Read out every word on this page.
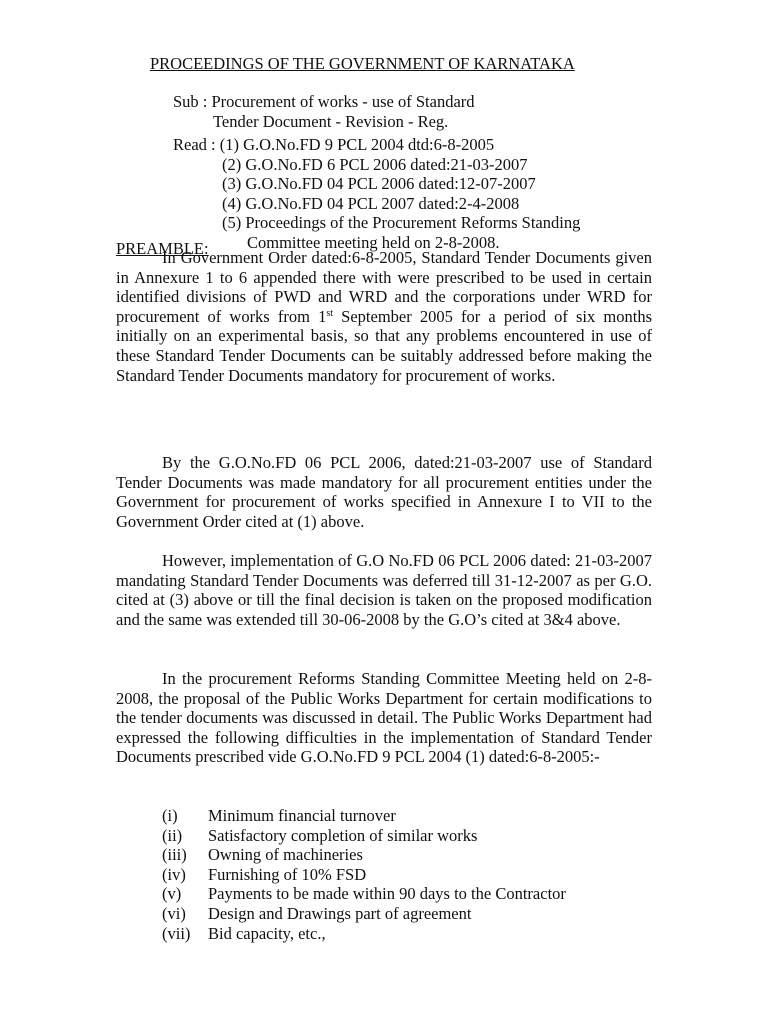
PROCEEDINGS OF THE GOVERNMENT OF KARNATAKA
Sub : Procurement of works - use of Standard
Tender Document - Revision - Reg.
Read : (1) G.O.No.FD 9 PCL 2004 dtd:6-8-2005
(2) G.O.No.FD 6 PCL 2006 dated:21-03-2007
(3) G.O.No.FD 04 PCL 2006 dated:12-07-2007
(4) G.O.No.FD 04 PCL 2007 dated:2-4-2008
(5) Proceedings of the Procurement Reforms Standing
Committee meeting held on 2-8-2008.
PREAMBLE:

In Government Order dated:6-8-2005, Standard Tender Documents given in Annexure 1 to 6 appended there with were prescribed to be used in certain identified divisions of PWD and WRD and the corporations under WRD for procurement of works from 1st September 2005 for a period of six months initially on an experimental basis, so that any problems encountered in use of these Standard Tender Documents can be suitably addressed before making the Standard Tender Documents mandatory for procurement of works.

By the G.O.No.FD 06 PCL 2006, dated:21-03-2007 use of Standard Tender Documents was made mandatory for all procurement entities under the Government for procurement of works specified in Annexure I to VII to the Government Order cited at (1) above.

However, implementation of G.O No.FD 06 PCL 2006 dated: 21-03-2007 mandating Standard Tender Documents was deferred till 31-12-2007 as per G.O. cited at (3) above or till the final decision is taken on the proposed modification and the same was extended till 30-06-2008 by the G.O’s cited at 3&4 above.

In the procurement Reforms Standing Committee Meeting held on 2-8-2008, the proposal of the Public Works Department for certain modifications to the tender documents was discussed in detail. The Public Works Department had expressed the following difficulties in the implementation of Standard Tender Documents prescribed vide G.O.No.FD 9 PCL 2004 (1) dated:6-8-2005:-

(i)	Minimum financial turnover
(ii)	Satisfactory completion of similar works
(iii)	Owning of machineries
(iv)	Furnishing of 10% FSD
(v)	Payments to be made within 90 days to the Contractor
(vi)	Design and Drawings part of agreement
(vii)	Bid capacity, etc.,
